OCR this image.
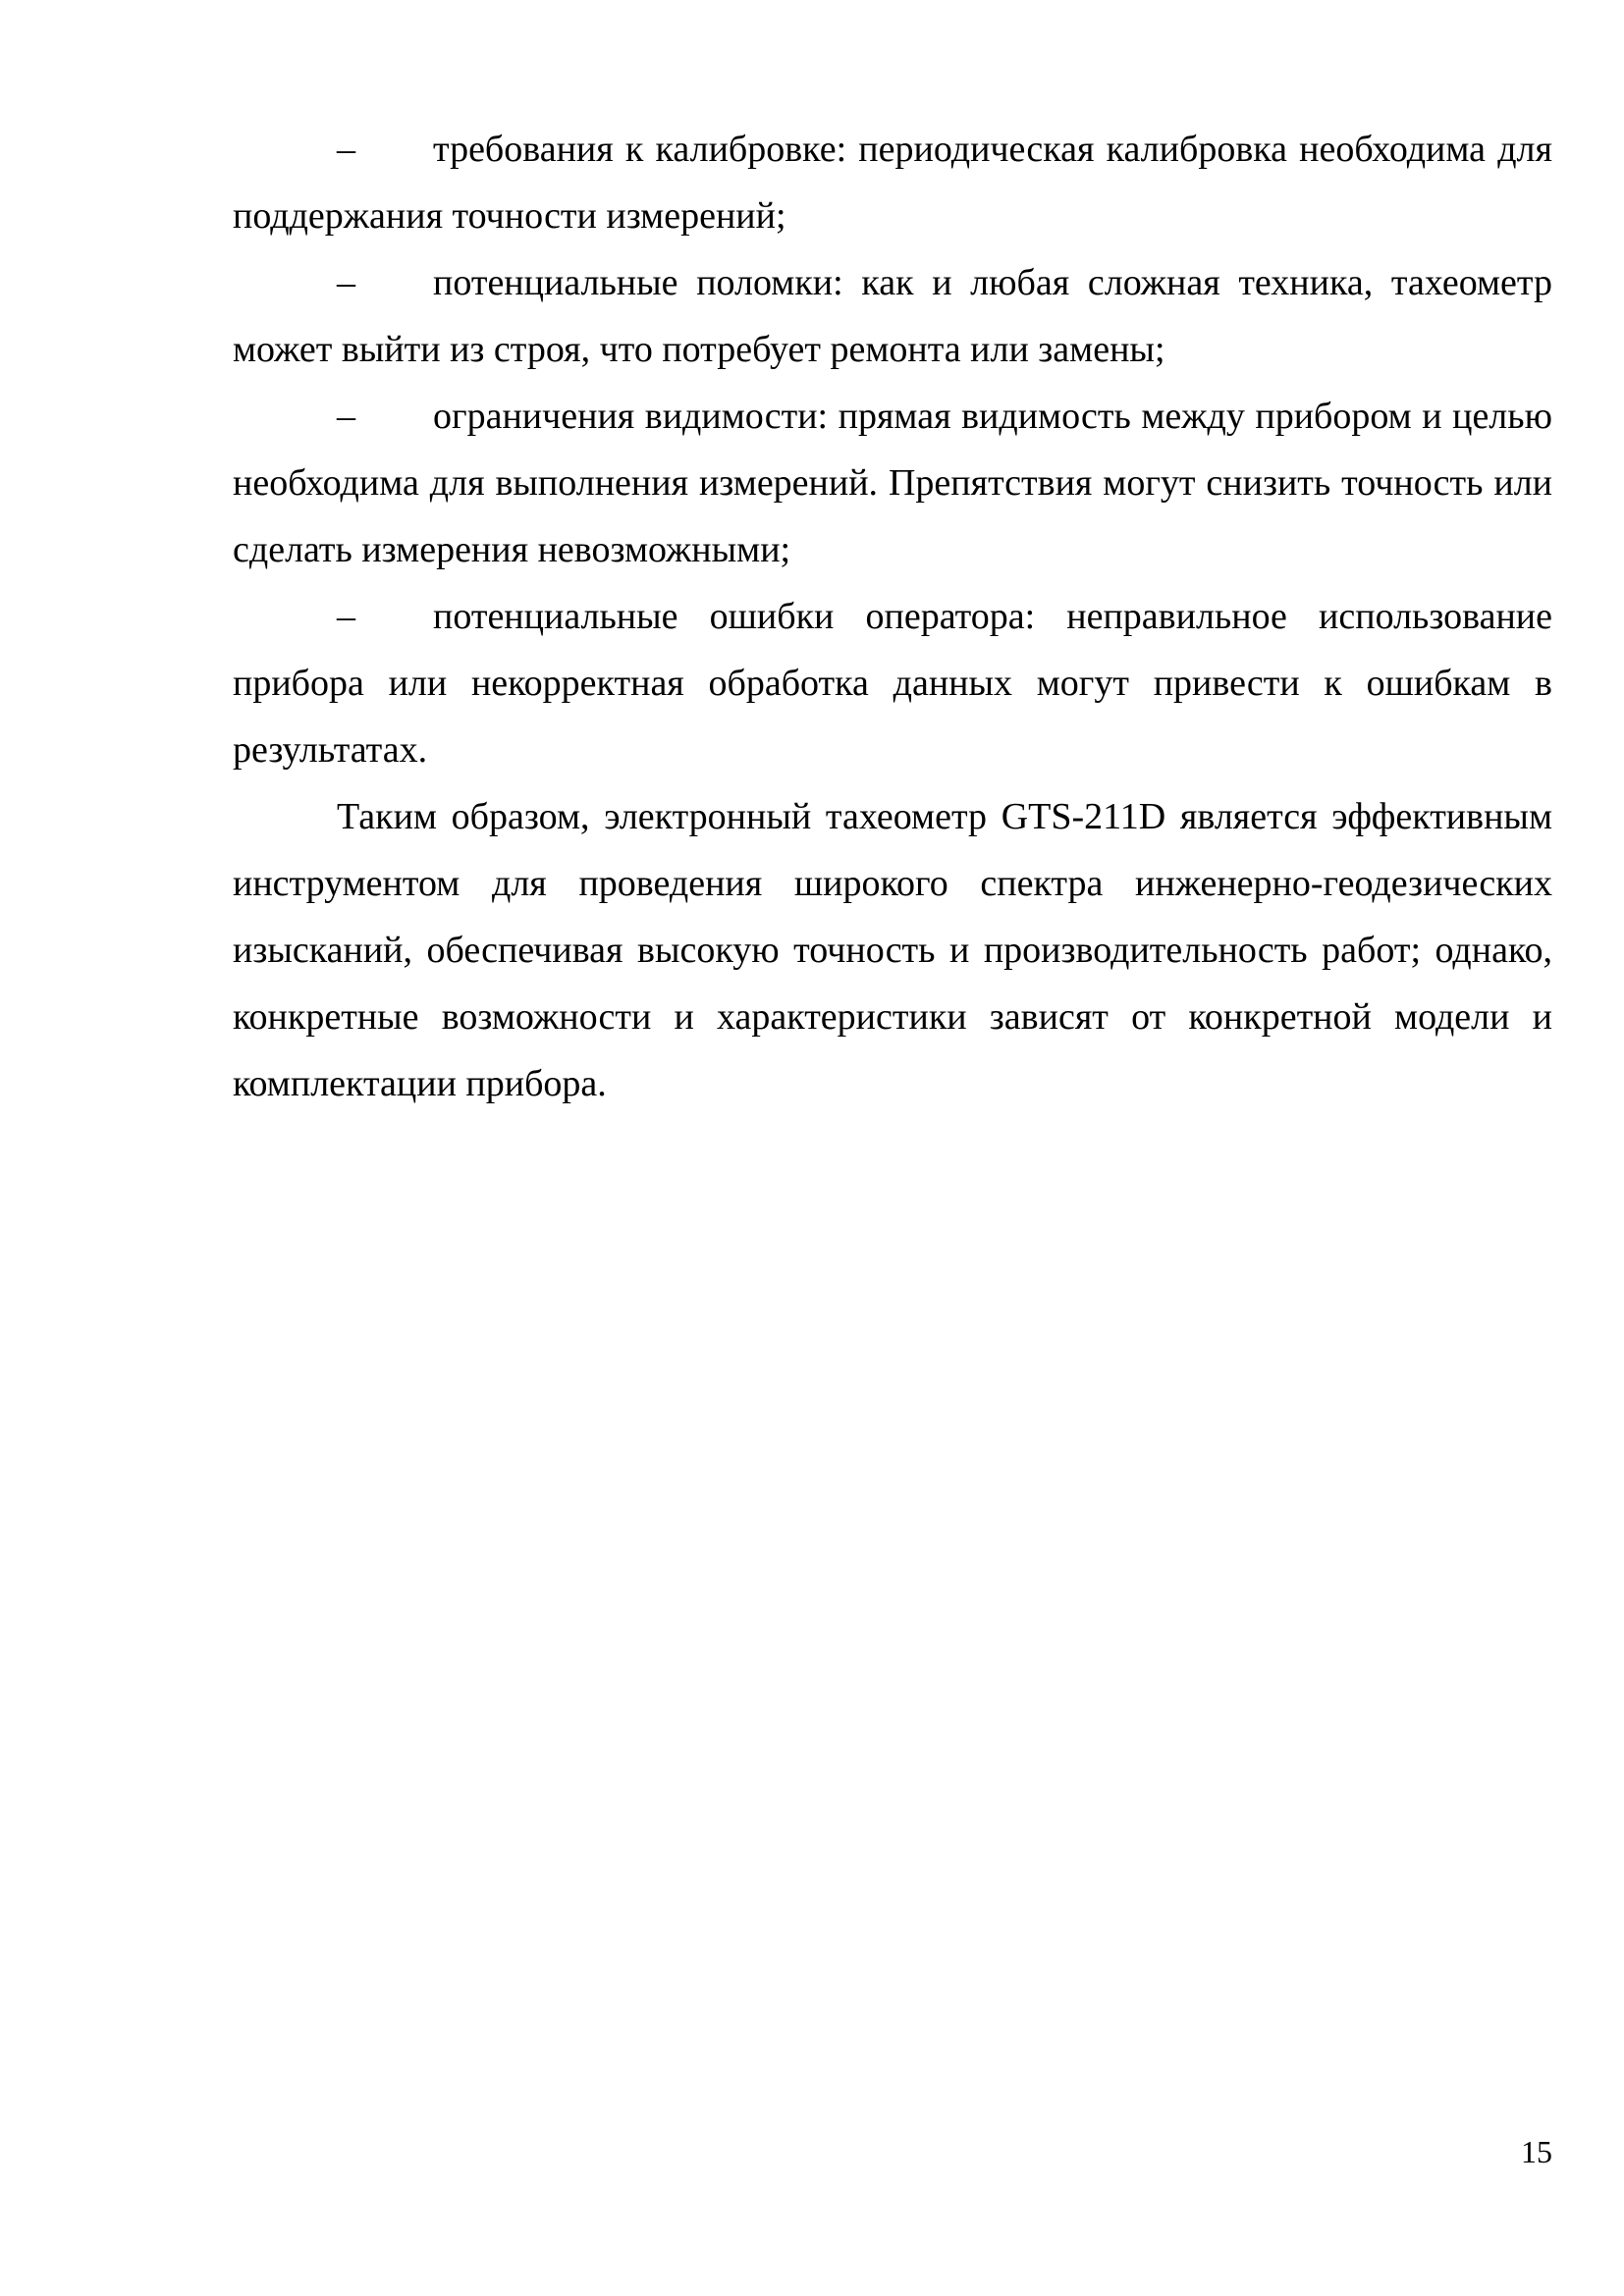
– требования к калибровке: периодическая калибровка необходима для поддержания точности измерений;

– потенциальные поломки: как и любая сложная техника, тахеометр может выйти из строя, что потребует ремонта или замены;

– ограничения видимости: прямая видимость между прибором и целью необходима для выполнения измерений. Препятствия могут снизить точность или сделать измерения невозможными;

– потенциальные ошибки оператора: неправильное использование прибора или некорректная обработка данных могут привести к ошибкам в результатах.

Таким образом, электронный тахеометр GTS-211D является эффективным инструментом для проведения широкого спектра инженерно-геодезических изысканий, обеспечивая высокую точность и производительность работ; однако, конкретные возможности и характеристики зависят от конкретной модели и комплектации прибора.

15
